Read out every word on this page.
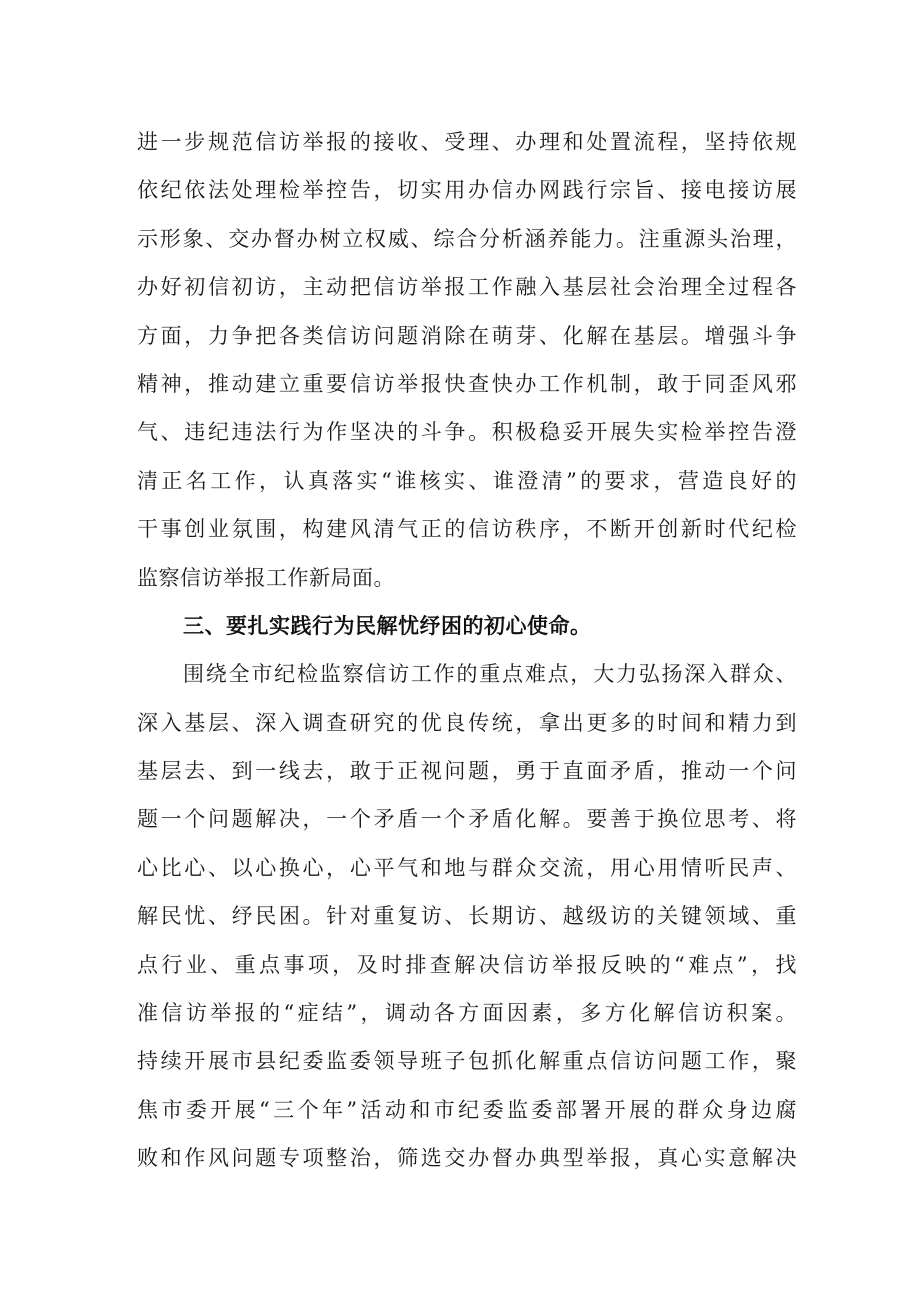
进一步规范信访举报的接收、受理、办理和处置流程，坚持依规
依纪依法处理检举控告，切实用办信办网践行宗旨、接电接访展
示形象、交办督办树立权威、综合分析涵养能力。注重源头治理，
办好初信初访，主动把信访举报工作融入基层社会治理全过程各
方面，力争把各类信访问题消除在萌芽、化解在基层。增强斗争
精神，推动建立重要信访举报快查快办工作机制，敢于同歪风邪
气、违纪违法行为作坚决的斗争。积极稳妥开展失实检举控告澄
清正名工作，认真落实“谁核实、谁澄清”的要求，营造良好的
干事创业氛围，构建风清气正的信访秩序，不断开创新时代纪检
监察信访举报工作新局面。
三、要扎实践行为民解忧纾困的初心使命。
围绕全市纪检监察信访工作的重点难点，大力弘扬深入群众、
深入基层、深入调查研究的优良传统，拿出更多的时间和精力到
基层去、到一线去，敢于正视问题，勇于直面矛盾，推动一个问
题一个问题解决，一个矛盾一个矛盾化解。要善于换位思考、将
心比心、以心换心，心平气和地与群众交流，用心用情听民声、
解民忧、纾民困。针对重复访、长期访、越级访的关键领域、重
点行业、重点事项，及时排查解决信访举报反映的“难点”，找
准信访举报的“症结”，调动各方面因素，多方化解信访积案。
持续开展市县纪委监委领导班子包抓化解重点信访问题工作，聚
焦市委开展“三个年”活动和市纪委监委部署开展的群众身边腐
败和作风问题专项整治，筛选交办督办典型举报，真心实意解决
